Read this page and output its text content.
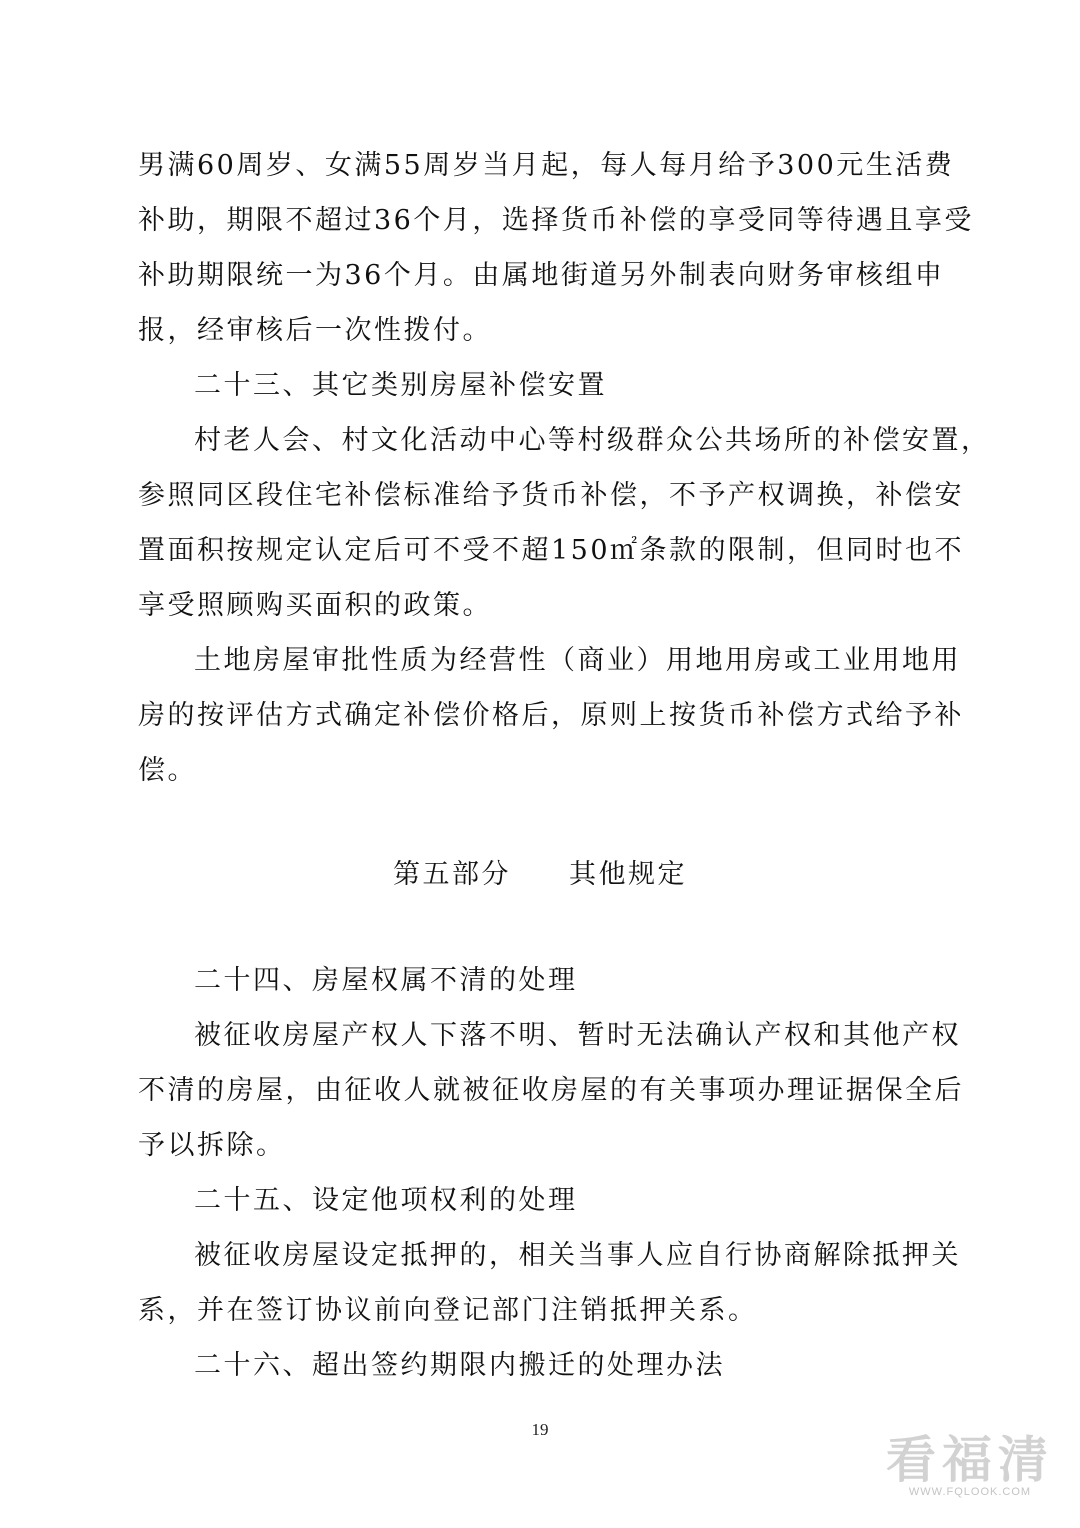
男满60周岁、女满55周岁当月起，每人每月给予300元生活费
补助，期限不超过36个月，选择货币补偿的享受同等待遇且享受
补助期限统一为36个月。由属地街道另外制表向财务审核组申
报，经审核后一次性拨付。
二十三、其它类别房屋补偿安置
村老人会、村文化活动中心等村级群众公共场所的补偿安置，
参照同区段住宅补偿标准给予货币补偿，不予产权调换，补偿安
置面积按规定认定后可不受不超150㎡条款的限制，但同时也不
享受照顾购买面积的政策。
土地房屋审批性质为经营性（商业）用地用房或工业用地用
房的按评估方式确定补偿价格后，原则上按货币补偿方式给予补
偿。
第五部分 其他规定
二十四、房屋权属不清的处理
被征收房屋产权人下落不明、暂时无法确认产权和其他产权
不清的房屋，由征收人就被征收房屋的有关事项办理证据保全后
予以拆除。
二十五、设定他项权利的处理
被征收房屋设定抵押的，相关当事人应自行协商解除抵押关
系，并在签订协议前向登记部门注销抵押关系。
二十六、超出签约期限内搬迁的处理办法
19
看福清
WWW.FQLOOK.COM
